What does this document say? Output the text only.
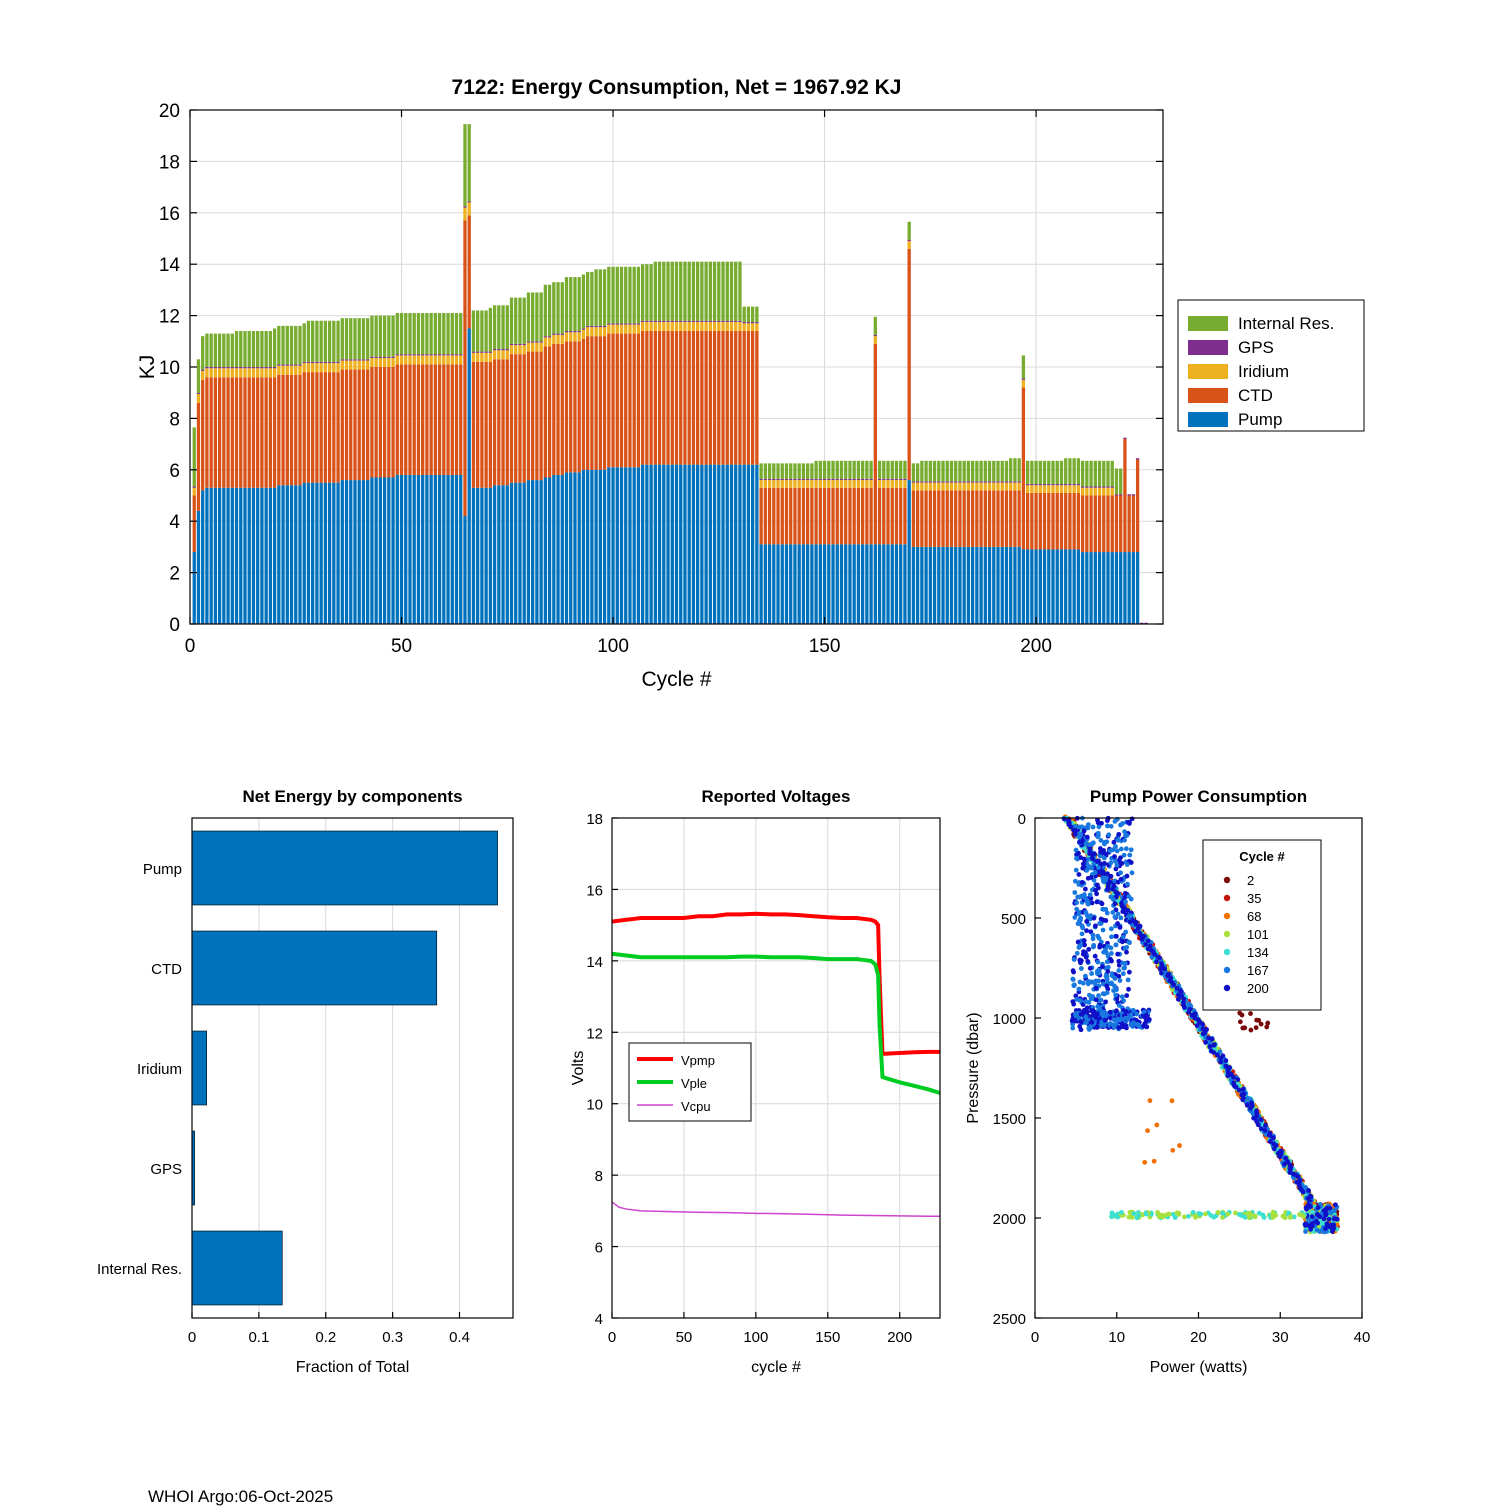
0
2
4
6
8
10
12
14
16
18
20
0	50	100	150	200
7122: Energy Consumption, Net = 1967.92 KJ
Cycle #
KJ
Internal Res.
GPS
Iridium
CTD
Pump
Internal Res.
GPS
Iridium
CTD
Pump
0	0.1	0.2	0.3	0.4
Net Energy by components
Fraction of Total
4
6
8
10
12
14
16
18
0	50	100	150	200
Reported Voltages
cycle #
Volts	Vpmp
Vple
Vcpu
0
500
1000
1500
2000
2500
0	10	20	30	40
Pump Power Consumption
Power (watts)
Pressure (dbar)
Cycle #
2
35
68
101
134
167
200
WHOI Argo:06-Oct-2025
